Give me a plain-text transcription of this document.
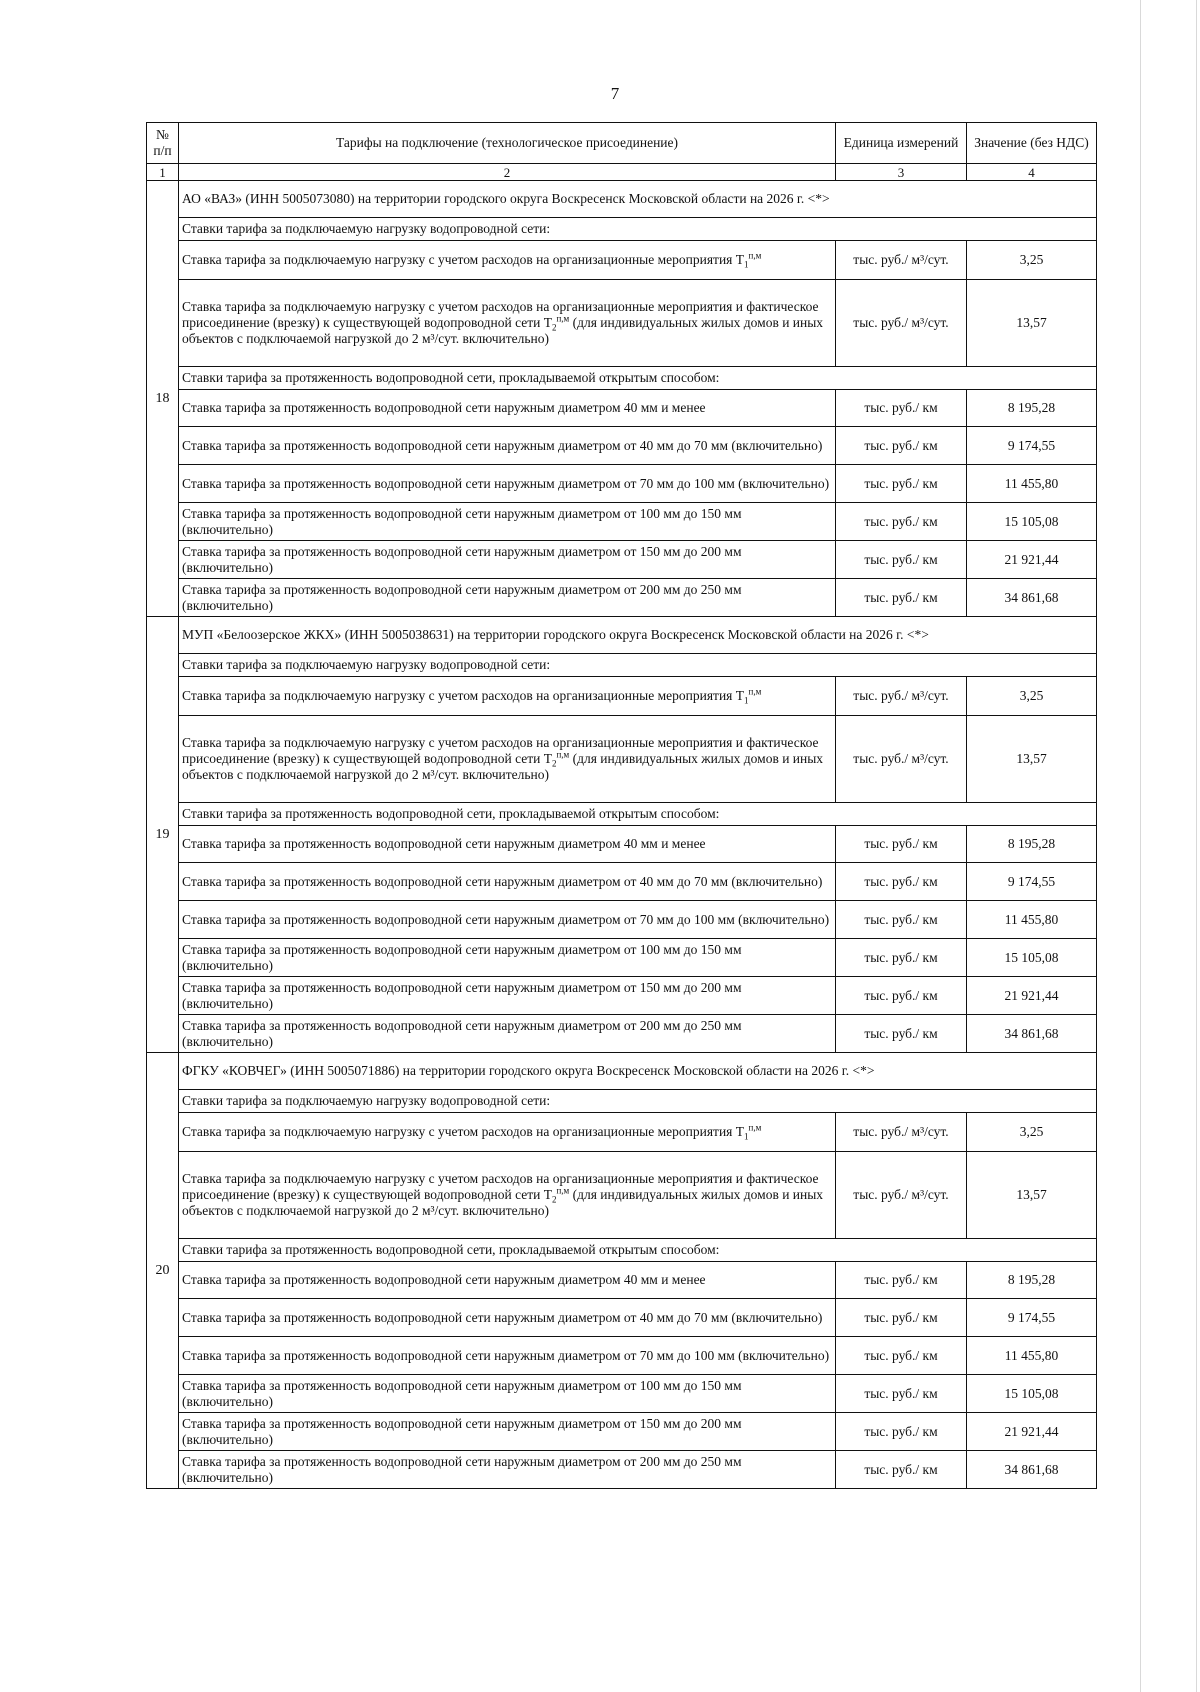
7
№ п/п	Тарифы на подключение (технологическое присоединение)	Единица измерений	Значение (без НДС)
1	2	3	4
18	АО «ВАЗ» (ИНН 5005073080) на территории городского округа Воскресенск Московской области на 2026 г. <*>		
	Ставки тарифа за подключаемую нагрузку водопроводной сети:		
	Ставка тарифа за подключаемую нагрузку с учетом расходов на организационные мероприятия $T_1^{п,м}$	тыс. руб./ м³/сут.	3,25
	Ставка тарифа за подключаемую нагрузку с учетом расходов на организационные мероприятия и фактическое присоединение (врезку) к существующей водопроводной сети $T_2^{п,м}$ (для индивидуальных жилых домов и иных объектов с подключаемой нагрузкой до 2 м³/сут. включительно)	тыс. руб./ м³/сут.	13,57
	Ставки тарифа за протяженность водопроводной сети, прокладываемой открытым способом:		
	Ставка тарифа за протяженность водопроводной сети наружным диаметром 40 мм и менее	тыс. руб./ км	8 195,28
	Ставка тарифа за протяженность водопроводной сети наружным диаметром от 40 мм до 70 мм (включительно)	тыс. руб./ км	9 174,55
	Ставка тарифа за протяженность водопроводной сети наружным диаметром от 70 мм до 100 мм (включительно)	тыс. руб./ км	11 455,80
	Ставка тарифа за протяженность водопроводной сети наружным диаметром от 100 мм до 150 мм (включительно)	тыс. руб./ км	15 105,08
	Ставка тарифа за протяженность водопроводной сети наружным диаметром от 150 мм до 200 мм (включительно)	тыс. руб./ км	21 921,44
	Ставка тарифа за протяженность водопроводной сети наружным диаметром от 200 мм до 250 мм (включительно)	тыс. руб./ км	34 861,68
19	МУП «Белоозерское ЖКХ» (ИНН 5005038631) на территории городского округа Воскресенск Московской области на 2026 г. <*>		
	Ставки тарифа за подключаемую нагрузку водопроводной сети:		
	Ставка тарифа за подключаемую нагрузку с учетом расходов на организационные мероприятия $T_1^{п,м}$	тыс. руб./ м³/сут.	3,25
	Ставка тарифа за подключаемую нагрузку с учетом расходов на организационные мероприятия и фактическое присоединение (врезку) к существующей водопроводной сети $T_2^{п,м}$ (для индивидуальных жилых домов и иных объектов с подключаемой нагрузкой до 2 м³/сут. включительно)	тыс. руб./ м³/сут.	13,57
	Ставки тарифа за протяженность водопроводной сети, прокладываемой открытым способом:		
	Ставка тарифа за протяженность водопроводной сети наружным диаметром 40 мм и менее	тыс. руб./ км	8 195,28
	Ставка тарифа за протяженность водопроводной сети наружным диаметром от 40 мм до 70 мм (включительно)	тыс. руб./ км	9 174,55
	Ставка тарифа за протяженность водопроводной сети наружным диаметром от 70 мм до 100 мм (включительно)	тыс. руб./ км	11 455,80
	Ставка тарифа за протяженность водопроводной сети наружным диаметром от 100 мм до 150 мм (включительно)	тыс. руб./ км	15 105,08
	Ставка тарифа за протяженность водопроводной сети наружным диаметром от 150 мм до 200 мм (включительно)	тыс. руб./ км	21 921,44
	Ставка тарифа за протяженность водопроводной сети наружным диаметром от 200 мм до 250 мм (включительно)	тыс. руб./ км	34 861,68
20	ФГКУ «КОВЧЕГ» (ИНН 5005071886) на территории городского округа Воскресенск Московской области на 2026 г. <*>		
	Ставки тарифа за подключаемую нагрузку водопроводной сети:		
	Ставка тарифа за подключаемую нагрузку с учетом расходов на организационные мероприятия $T_1^{п,м}$	тыс. руб./ м³/сут.	3,25
	Ставка тарифа за подключаемую нагрузку с учетом расходов на организационные мероприятия и фактическое присоединение (врезку) к существующей водопроводной сети $T_2^{п,м}$ (для индивидуальных жилых домов и иных объектов с подключаемой нагрузкой до 2 м³/сут. включительно)	тыс. руб./ м³/сут.	13,57
	Ставки тарифа за протяженность водопроводной сети, прокладываемой открытым способом:		
	Ставка тарифа за протяженность водопроводной сети наружным диаметром 40 мм и менее	тыс. руб./ км	8 195,28
	Ставка тарифа за протяженность водопроводной сети наружным диаметром от 40 мм до 70 мм (включительно)	тыс. руб./ км	9 174,55
	Ставка тарифа за протяженность водопроводной сети наружным диаметром от 70 мм до 100 мм (включительно)	тыс. руб./ км	11 455,80
	Ставка тарифа за протяженность водопроводной сети наружным диаметром от 100 мм до 150 мм (включительно)	тыс. руб./ км	15 105,08
	Ставка тарифа за протяженность водопроводной сети наружным диаметром от 150 мм до 200 мм (включительно)	тыс. руб./ км	21 921,44
	Ставка тарифа за протяженность водопроводной сети наружным диаметром от 200 мм до 250 мм (включительно)	тыс. руб./ км	34 861,68
